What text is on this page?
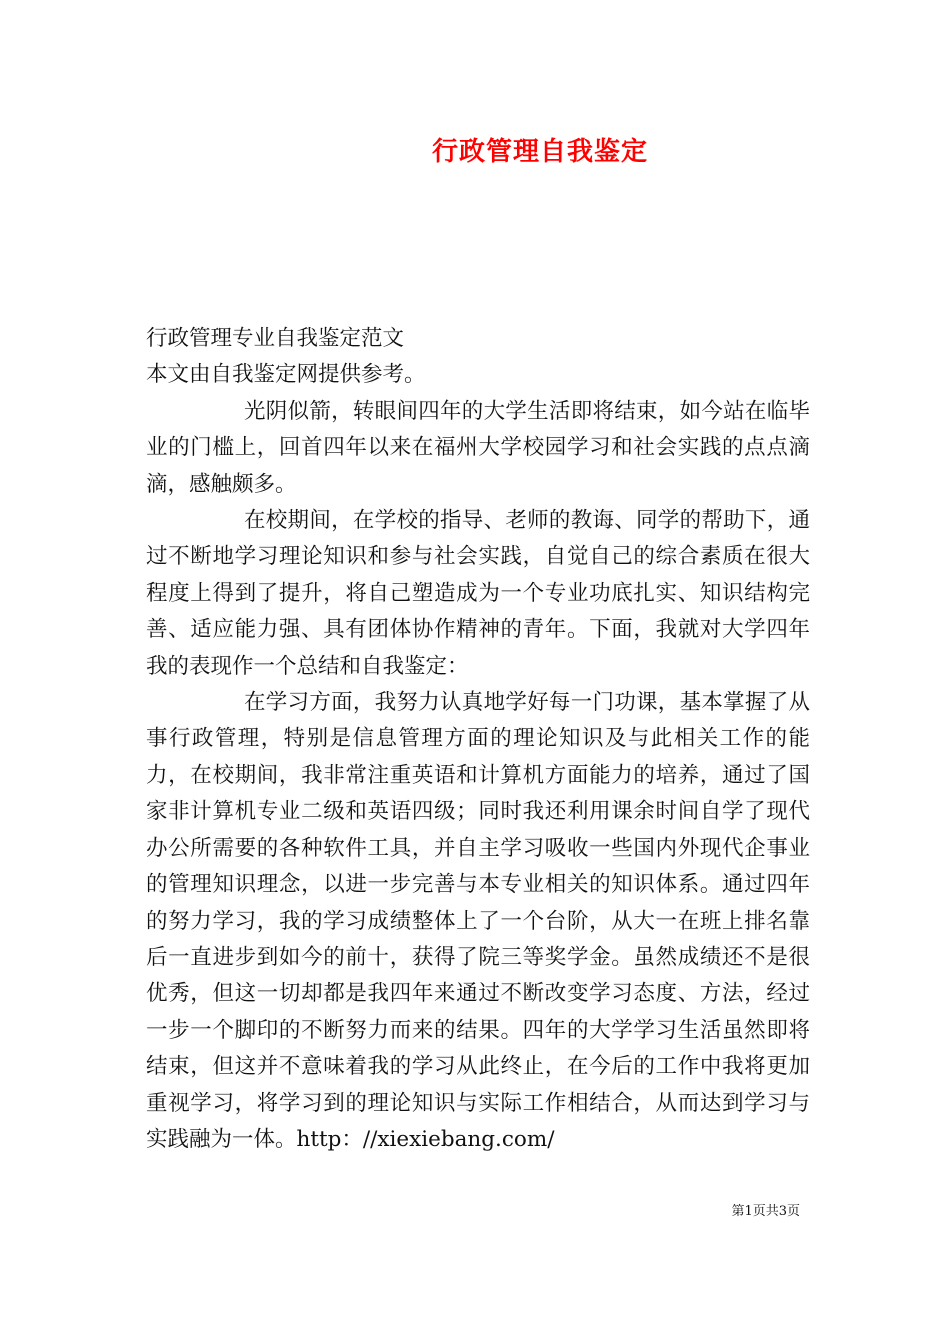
行政管理自我鉴定

行政管理专业自我鉴定范文

本文由自我鉴定网提供参考。

光阴似箭，转眼间四年的大学生活即将结束，如今站在临毕业的门槛上，回首四年以来在福州大学校园学习和社会实践的点点滴滴，感触颇多。

在校期间，在学校的指导、老师的教诲、同学的帮助下，通过不断地学习理论知识和参与社会实践，自觉自己的综合素质在很大程度上得到了提升，将自己塑造成为一个专业功底扎实、知识结构完善、适应能力强、具有团体协作精神的青年。下面，我就对大学四年我的表现作一个总结和自我鉴定：

在学习方面，我努力认真地学好每一门功课，基本掌握了从事行政管理，特别是信息管理方面的理论知识及与此相关工作的能力，在校期间，我非常注重英语和计算机方面能力的培养，通过了国家非计算机专业二级和英语四级；同时我还利用课余时间自学了现代办公所需要的各种软件工具，并自主学习吸收一些国内外现代企事业的管理知识理念，以进一步完善与本专业相关的知识体系。通过四年的努力学习，我的学习成绩整体上了一个台阶，从大一在班上排名靠后一直进步到如今的前十，获得了院三等奖学金。虽然成绩还不是很优秀，但这一切却都是我四年来通过不断改变学习态度、方法，经过一步一个脚印的不断努力而来的结果。四年的大学学习生活虽然即将结束，但这并不意味着我的学习从此终止，在今后的工作中我将更加重视学习，将学习到的理论知识与实际工作相结合，从而达到学习与实践融为一体。http：//xiexiebang.com/

第1页共3页
